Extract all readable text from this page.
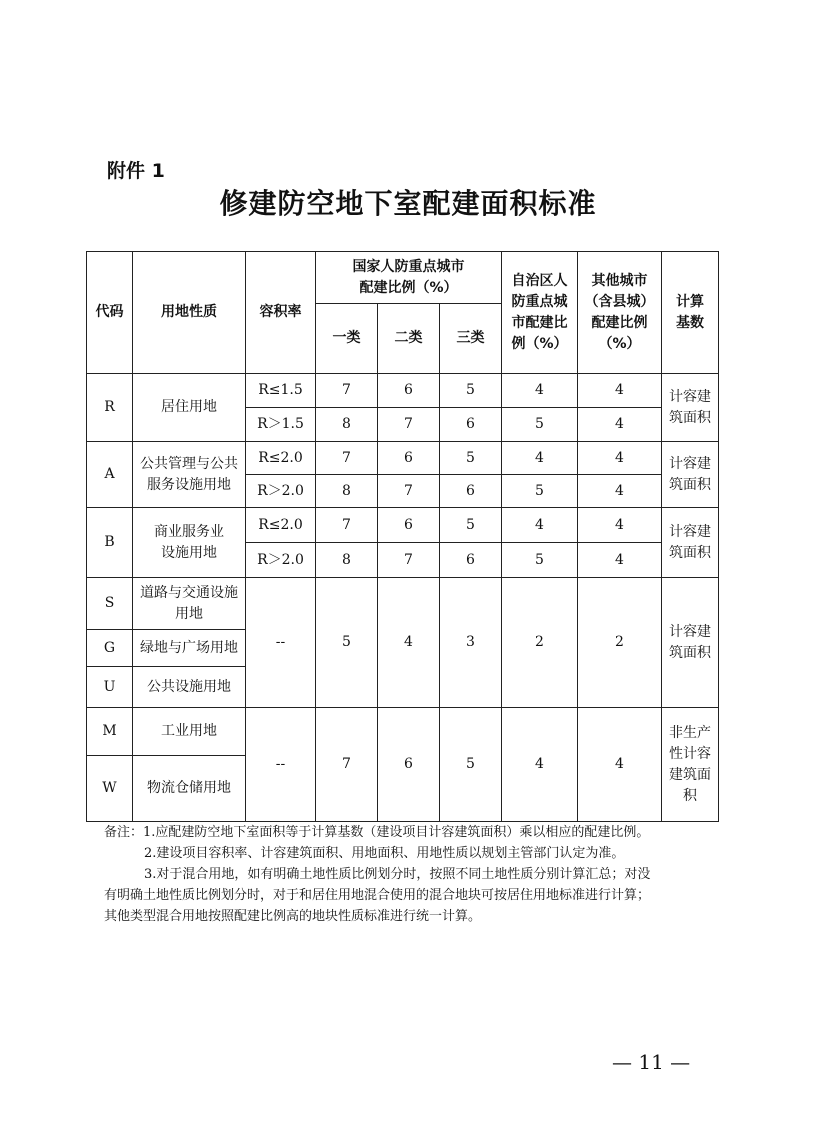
附件 1
修建防空地下室配建面积标准
代码	用地性质	容积率	国家人防重点城市配建比例（%）			自治区人防重点城市配建比例（%）	其他城市（含县城）配建比例（%）	计算基数
			一类	二类	三类			
R	居住用地	R≤1.5	7	6	5	4	4	计容建筑面积
		R＞1.5	8	7	6	5	4	
A	公共管理与公共服务设施用地	R≤2.0	7	6	5	4	4	计容建筑面积
		R＞2.0	8	7	6	5	4	
B	商业服务业设施用地	R≤2.0	7	6	5	4	4	计容建筑面积
		R＞2.0	8	7	6	5	4	
S	道路与交通设施用地	--	5	4	3	2	2	计容建筑面积
G	绿地与广场用地							
U	公共设施用地							
M	工业用地	--	7	6	5	4	4	非生产性计容建筑面积
W	物流仓储用地							

备注：1.应配建防空地下室面积等于计算基数（建设项目计容建筑面积）乘以相应的配建比例。

2.建设项目容积率、计容建筑面积、用地面积、用地性质以规划主管部门认定为准。

3.对于混合用地，如有明确土地性质比例划分时，按照不同土地性质分别计算汇总；对没

有明确土地性质比例划分时，对于和居住用地混合使用的混合地块可按居住用地标准进行计算；

其他类型混合用地按照配建比例高的地块性质标准进行统一计算。

— 11 —
